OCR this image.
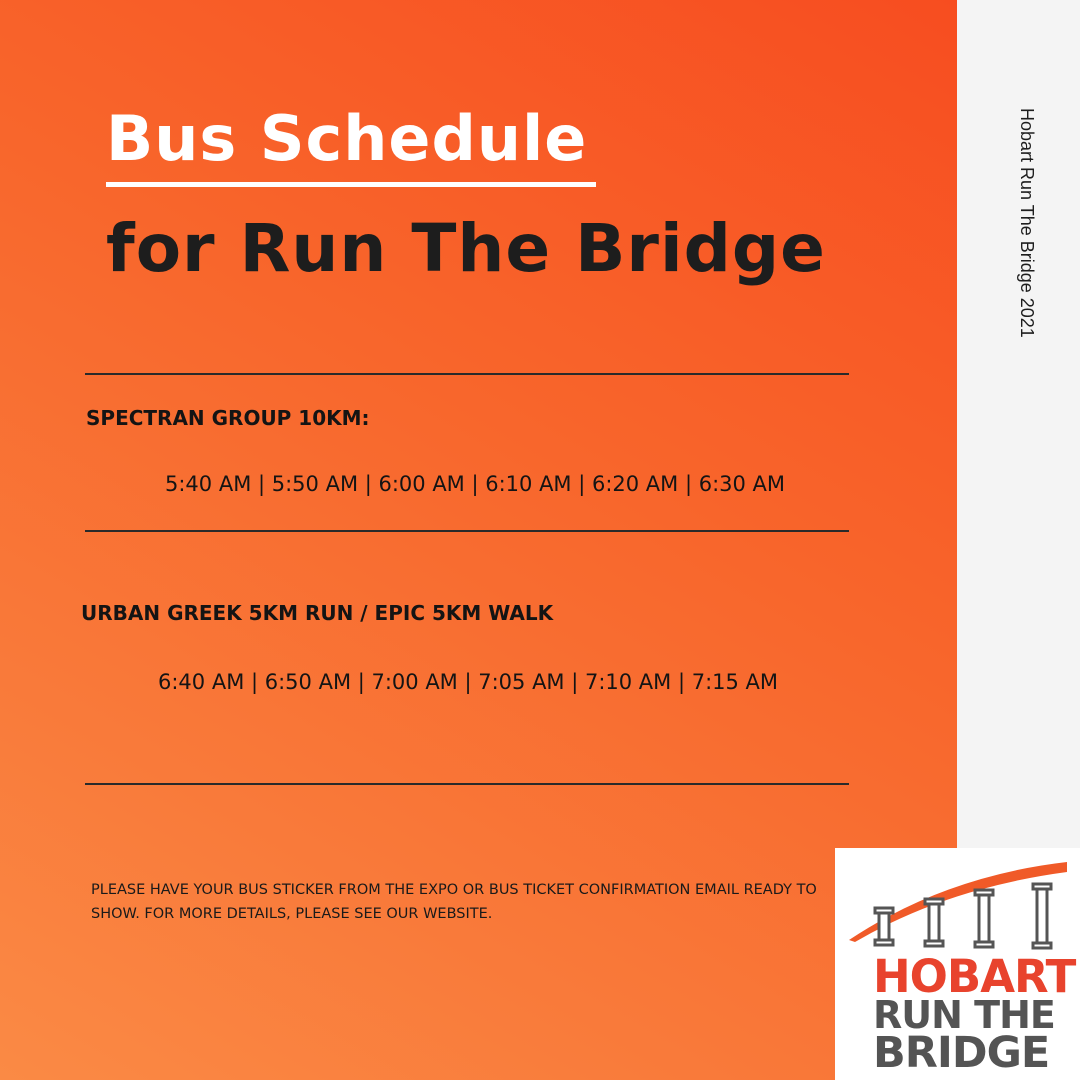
Hobart Run The Bridge 2021
Bus Schedule
for Run The Bridge
SPECTRAN GROUP 10KM:
5:40 AM | 5:50 AM | 6:00 AM | 6:10 AM | 6:20 AM | 6:30 AM
URBAN GREEK 5KM RUN / EPIC 5KM WALK
6:40 AM | 6:50 AM | 7:00 AM | 7:05 AM | 7:10 AM | 7:15 AM
PLEASE HAVE YOUR BUS STICKER FROM THE EXPO OR BUS TICKET CONFIRMATION EMAIL READY TO SHOW. FOR MORE DETAILS, PLEASE SEE OUR WEBSITE.
HOBART
RUN THE
BRIDGE
